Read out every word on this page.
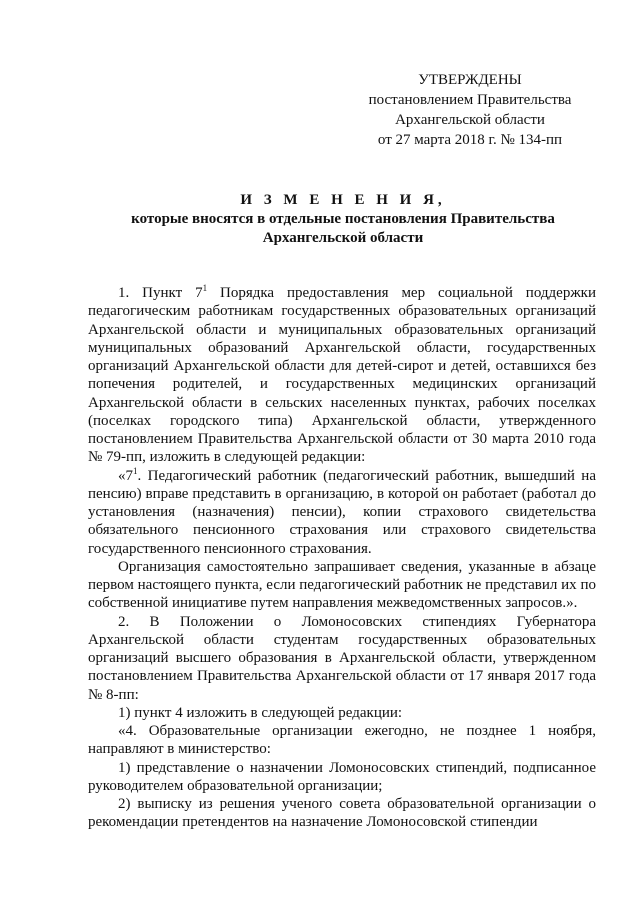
УТВЕРЖДЕНЫ
постановлением Правительства
Архангельской области
от 27 марта 2018 г. № 134-пп
И З М Е Н Е Н И Я,
которые вносятся в отдельные постановления Правительства
Архангельской области

1. Пункт $7^1$ Порядка предоставления мер социальной поддержки педагогическим работникам государственных образовательных организаций Архангельской области и муниципальных образовательных организаций муниципальных образований Архангельской области, государственных организаций Архангельской области для детей-сирот и детей, оставшихся без попечения родителей, и государственных медицинских организаций Архангельской области в сельских населенных пунктах, рабочих поселках (поселках городского типа) Архангельской области, утвержденного постановлением Правительства Архангельской области от 30 марта 2010 года № 79-пп, изложить в следующей редакции:

«$7^1$. Педагогический работник (педагогический работник, вышедший на пенсию) вправе представить в организацию, в которой он работает (работал до установления (назначения) пенсии), копии страхового свидетельства обязательного пенсионного страхования или страхового свидетельства государственного пенсионного страхования.

Организация самостоятельно запрашивает сведения, указанные в абзаце первом настоящего пункта, если педагогический работник не представил их по собственной инициативе путем направления межведомственных запросов.».

2. В Положении о Ломоносовских стипендиях Губернатора Архангельской области студентам государственных образовательных организаций высшего образования в Архангельской области, утвержденном постановлением Правительства Архангельской области от 17 января 2017 года № 8-пп:

1) пункт 4 изложить в следующей редакции:

«4. Образовательные организации ежегодно, не позднее 1 ноября, направляют в министерство:

1) представление о назначении Ломоносовских стипендий, подписанное руководителем образовательной организации;

2) выписку из решения ученого совета образовательной организации о рекомендации претендентов на назначение Ломоносовской стипендии
